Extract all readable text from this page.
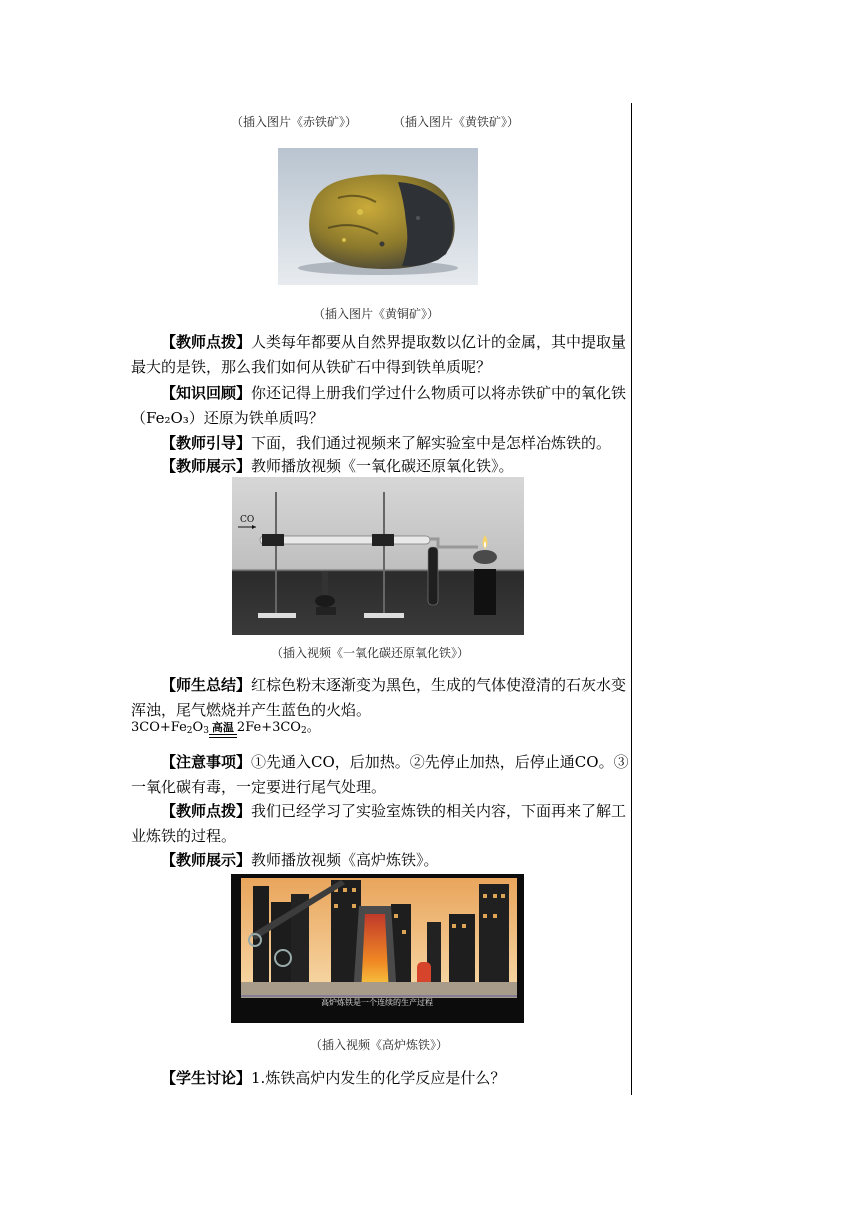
（插入图片《赤铁矿》）	（插入图片《黄铁矿》）
（插入图片《黄铜矿》）
【教师点拨】人类每年都要从自然界提取数以亿计的金属，其中提取量最大的是铁，那么我们如何从铁矿石中得到铁单质呢？
【知识回顾】你还记得上册我们学过什么物质可以将赤铁矿中的氧化铁（Fe₂O₃）还原为铁单质吗？
【教师引导】下面，我们通过视频来了解实验室中是怎样冶炼铁的。
【教师展示】教师播放视频《一氧化碳还原氧化铁》。
CO
（插入视频《一氧化碳还原氧化铁》）
【师生总结】红棕色粉末逐渐变为黑色，生成的气体使澄清的石灰水变浑浊，尾气燃烧并产生蓝色的火焰。
$3CO+Fe_2O_3$ 高温 $2Fe+3CO_2$。
【注意事项】①先通入CO，后加热。②先停止加热，后停止通CO。③一氧化碳有毒，一定要进行尾气处理。
【教师点拨】我们已经学习了实验室炼铁的相关内容，下面再来了解工业炼铁的过程。
【教师展示】教师播放视频《高炉炼铁》。
高炉炼铁是一个连续的生产过程
（插入视频《高炉炼铁》）
【学生讨论】1.炼铁高炉内发生的化学反应是什么？
